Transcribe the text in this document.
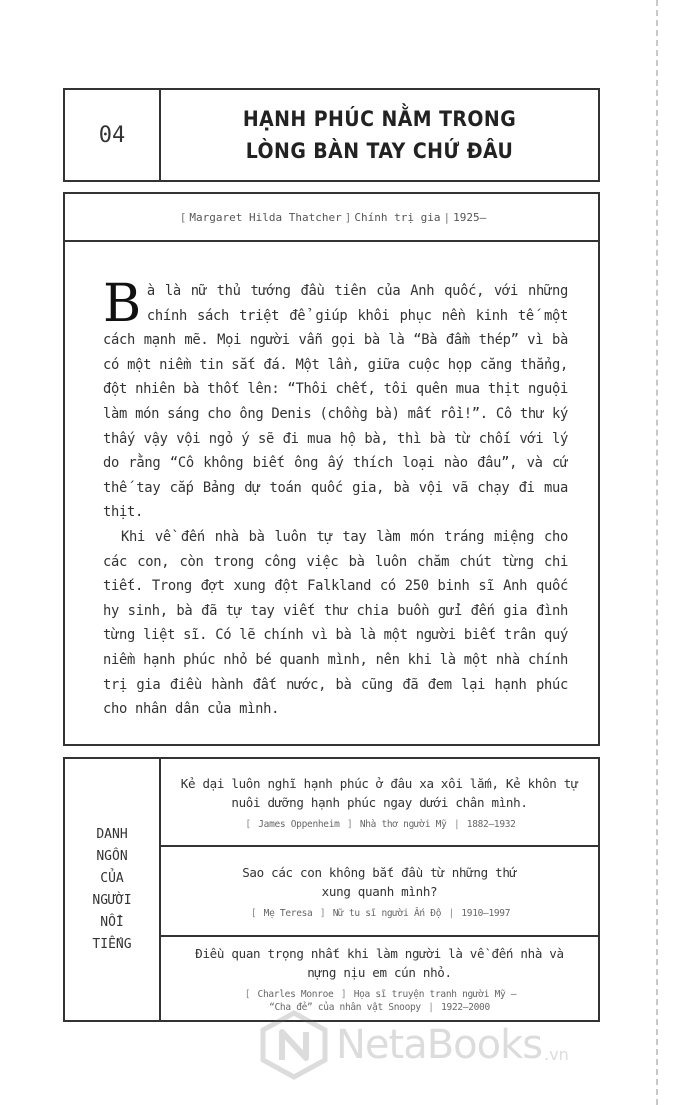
04
HẠNH PHÚC NẰM TRONG
LÒNG BÀN TAY CHỨ ĐÂU
[ Margaret Hilda Thatcher ] Chính trị gia | 1925–

Bà là nữ thủ tướng đầu tiên của Anh quốc, với những chính sách triệt để giúp khôi phục nền kinh tế một cách mạnh mẽ. Mọi người vẫn gọi bà là “Bà đầm thép” vì bà có một niềm tin sắt đá. Một lần, giữa cuộc họp căng thẳng, đột nhiên bà thốt lên: “Thôi chết, tôi quên mua thịt nguội làm món sáng cho ông Denis (chồng bà) mất rồi!”. Cô thư ký thấy vậy vội ngỏ ý sẽ đi mua hộ bà, thì bà từ chối với lý do rằng “Cô không biết ông ấy thích loại nào đâu”, và cứ thế tay cắp Bảng dự toán quốc gia, bà vội vã chạy đi mua thịt.

Khi về đến nhà bà luôn tự tay làm món tráng miệng cho các con, còn trong công việc bà luôn chăm chút từng chi tiết. Trong đợt xung đột Falkland có 250 binh sĩ Anh quốc hy sinh, bà đã tự tay viết thư chia buồn gửi đến gia đình từng liệt sĩ. Có lẽ chính vì bà là một người biết trân quý niềm hạnh phúc nhỏ bé quanh mình, nên khi là một nhà chính trị gia điều hành đất nước, bà cũng đã đem lại hạnh phúc cho nhân dân của mình.

DANH
NGÔN
CỦA
NGƯỜI
NỔI
TIẾNG
Kẻ dại luôn nghĩ hạnh phúc ở đâu xa xôi lắm, Kẻ khôn tự nuôi dưỡng hạnh phúc ngay dưới chân mình.
[ James Oppenheim ] Nhà thơ người Mỹ | 1882–1932
Sao các con không bắt đầu từ những thứ
xung quanh mình?
[ Mẹ Teresa ] Nữ tu sĩ người Ấn Độ | 1910–1997
Điều quan trọng nhất khi làm người là về đến nhà và
nựng nịu em cún nhỏ.
[ Charles Monroe ] Họa sĩ truyện tranh người Mỹ –
“Cha đẻ” của nhân vật Snoopy | 1922–2000
NetaBooks .vn
